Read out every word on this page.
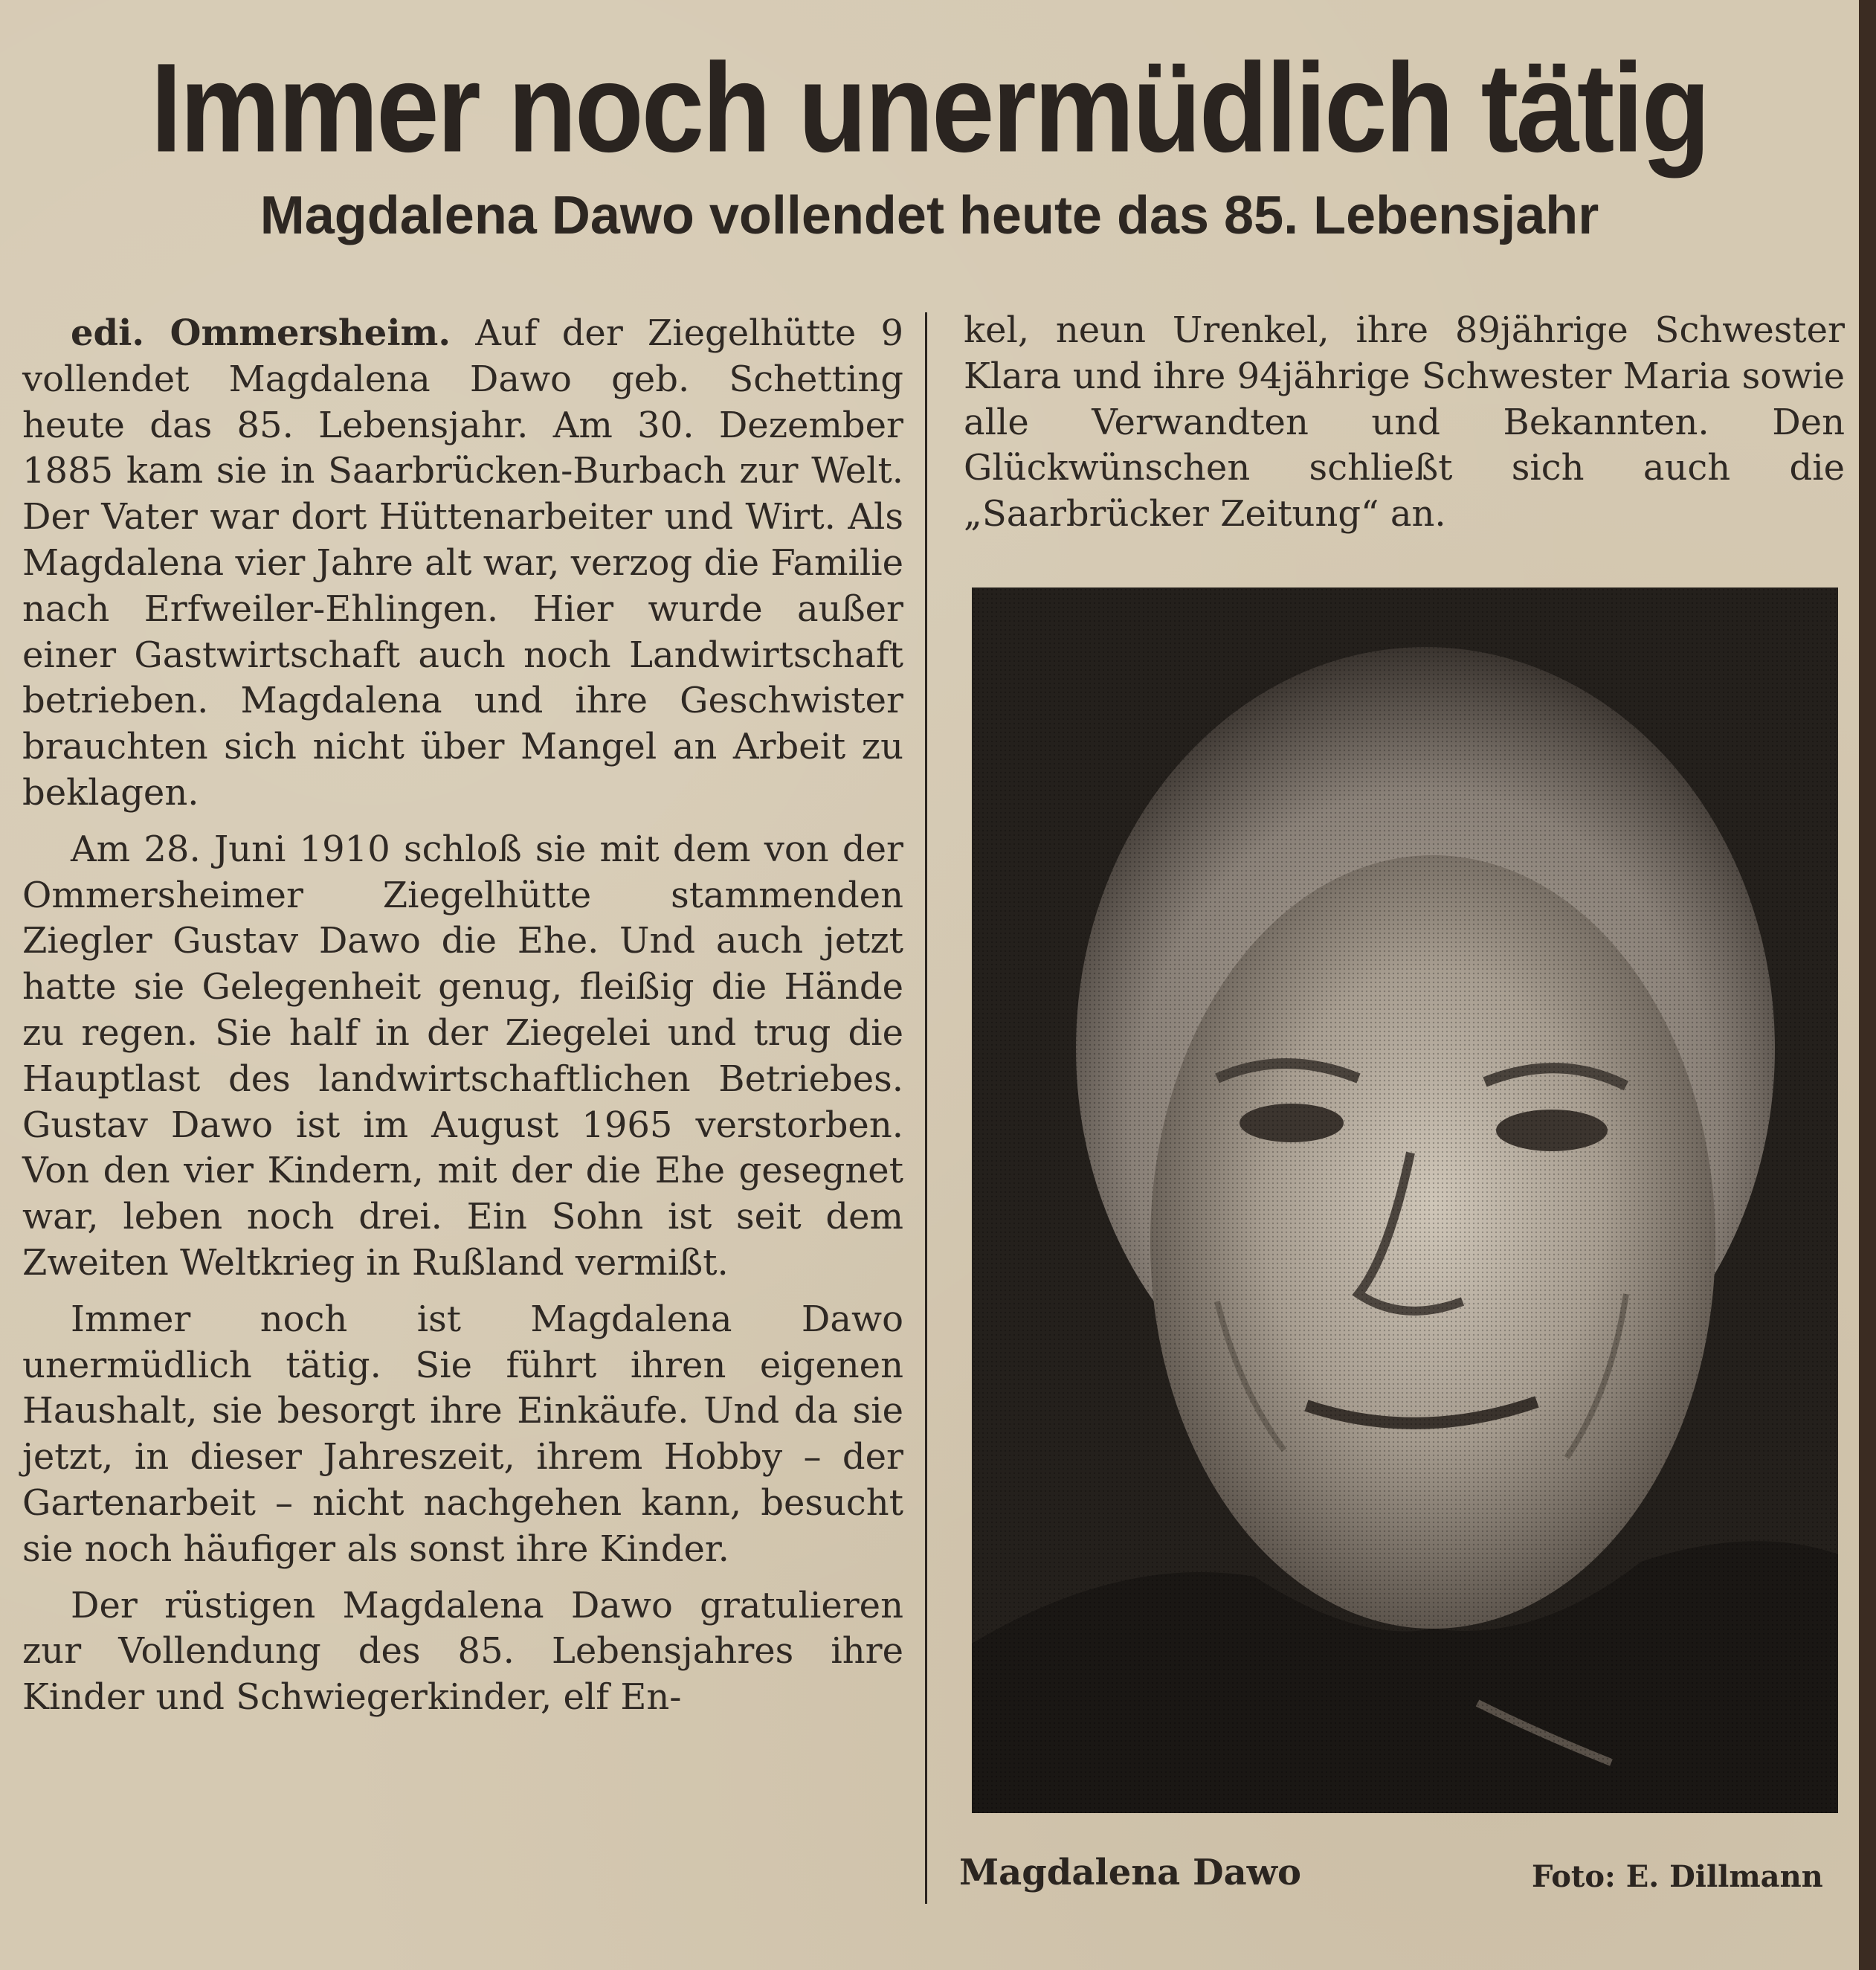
Immer noch unermüdlich tätig
Magdalena Dawo vollendet heute das 85. Lebensjahr

edi. Ommersheim. Auf der Ziegelhütte 9 vollendet Magdalena Dawo geb. Schetting heute das 85. Lebensjahr. Am 30. Dezember 1885 kam sie in Saarbrücken-Burbach zur Welt. Der Vater war dort Hüttenarbeiter und Wirt. Als Magdalena vier Jahre alt war, verzog die Familie nach Erfweiler-Ehlingen. Hier wurde außer einer Gastwirtschaft auch noch Landwirtschaft betrieben. Magdalena und ihre Geschwister brauchten sich nicht über Mangel an Arbeit zu beklagen.

Am 28. Juni 1910 schloß sie mit dem von der Ommersheimer Ziegelhütte stammenden Ziegler Gustav Dawo die Ehe. Und auch jetzt hatte sie Gelegenheit genug, fleißig die Hände zu regen. Sie half in der Ziegelei und trug die Hauptlast des landwirtschaftlichen Betriebes. Gustav Dawo ist im August 1965 verstorben. Von den vier Kindern, mit der die Ehe gesegnet war, leben noch drei. Ein Sohn ist seit dem Zweiten Weltkrieg in Rußland vermißt.

Immer noch ist Magdalena Dawo unermüdlich tätig. Sie führt ihren eigenen Haushalt, sie besorgt ihre Einkäufe. Und da sie jetzt, in dieser Jahreszeit, ihrem Hobby – der Gartenarbeit – nicht nachgehen kann, besucht sie noch häufiger als sonst ihre Kinder.

Der rüstigen Magdalena Dawo gratulieren zur Vollendung des 85. Lebensjahres ihre Kinder und Schwiegerkinder, elf En-

kel, neun Urenkel, ihre 89jährige Schwester Klara und ihre 94jährige Schwester Maria sowie alle Verwandten und Bekannten. Den Glückwünschen schließt sich auch die „Saarbrücker Zeitung“ an.

Magdalena Dawo	Foto: E. Dillmann
